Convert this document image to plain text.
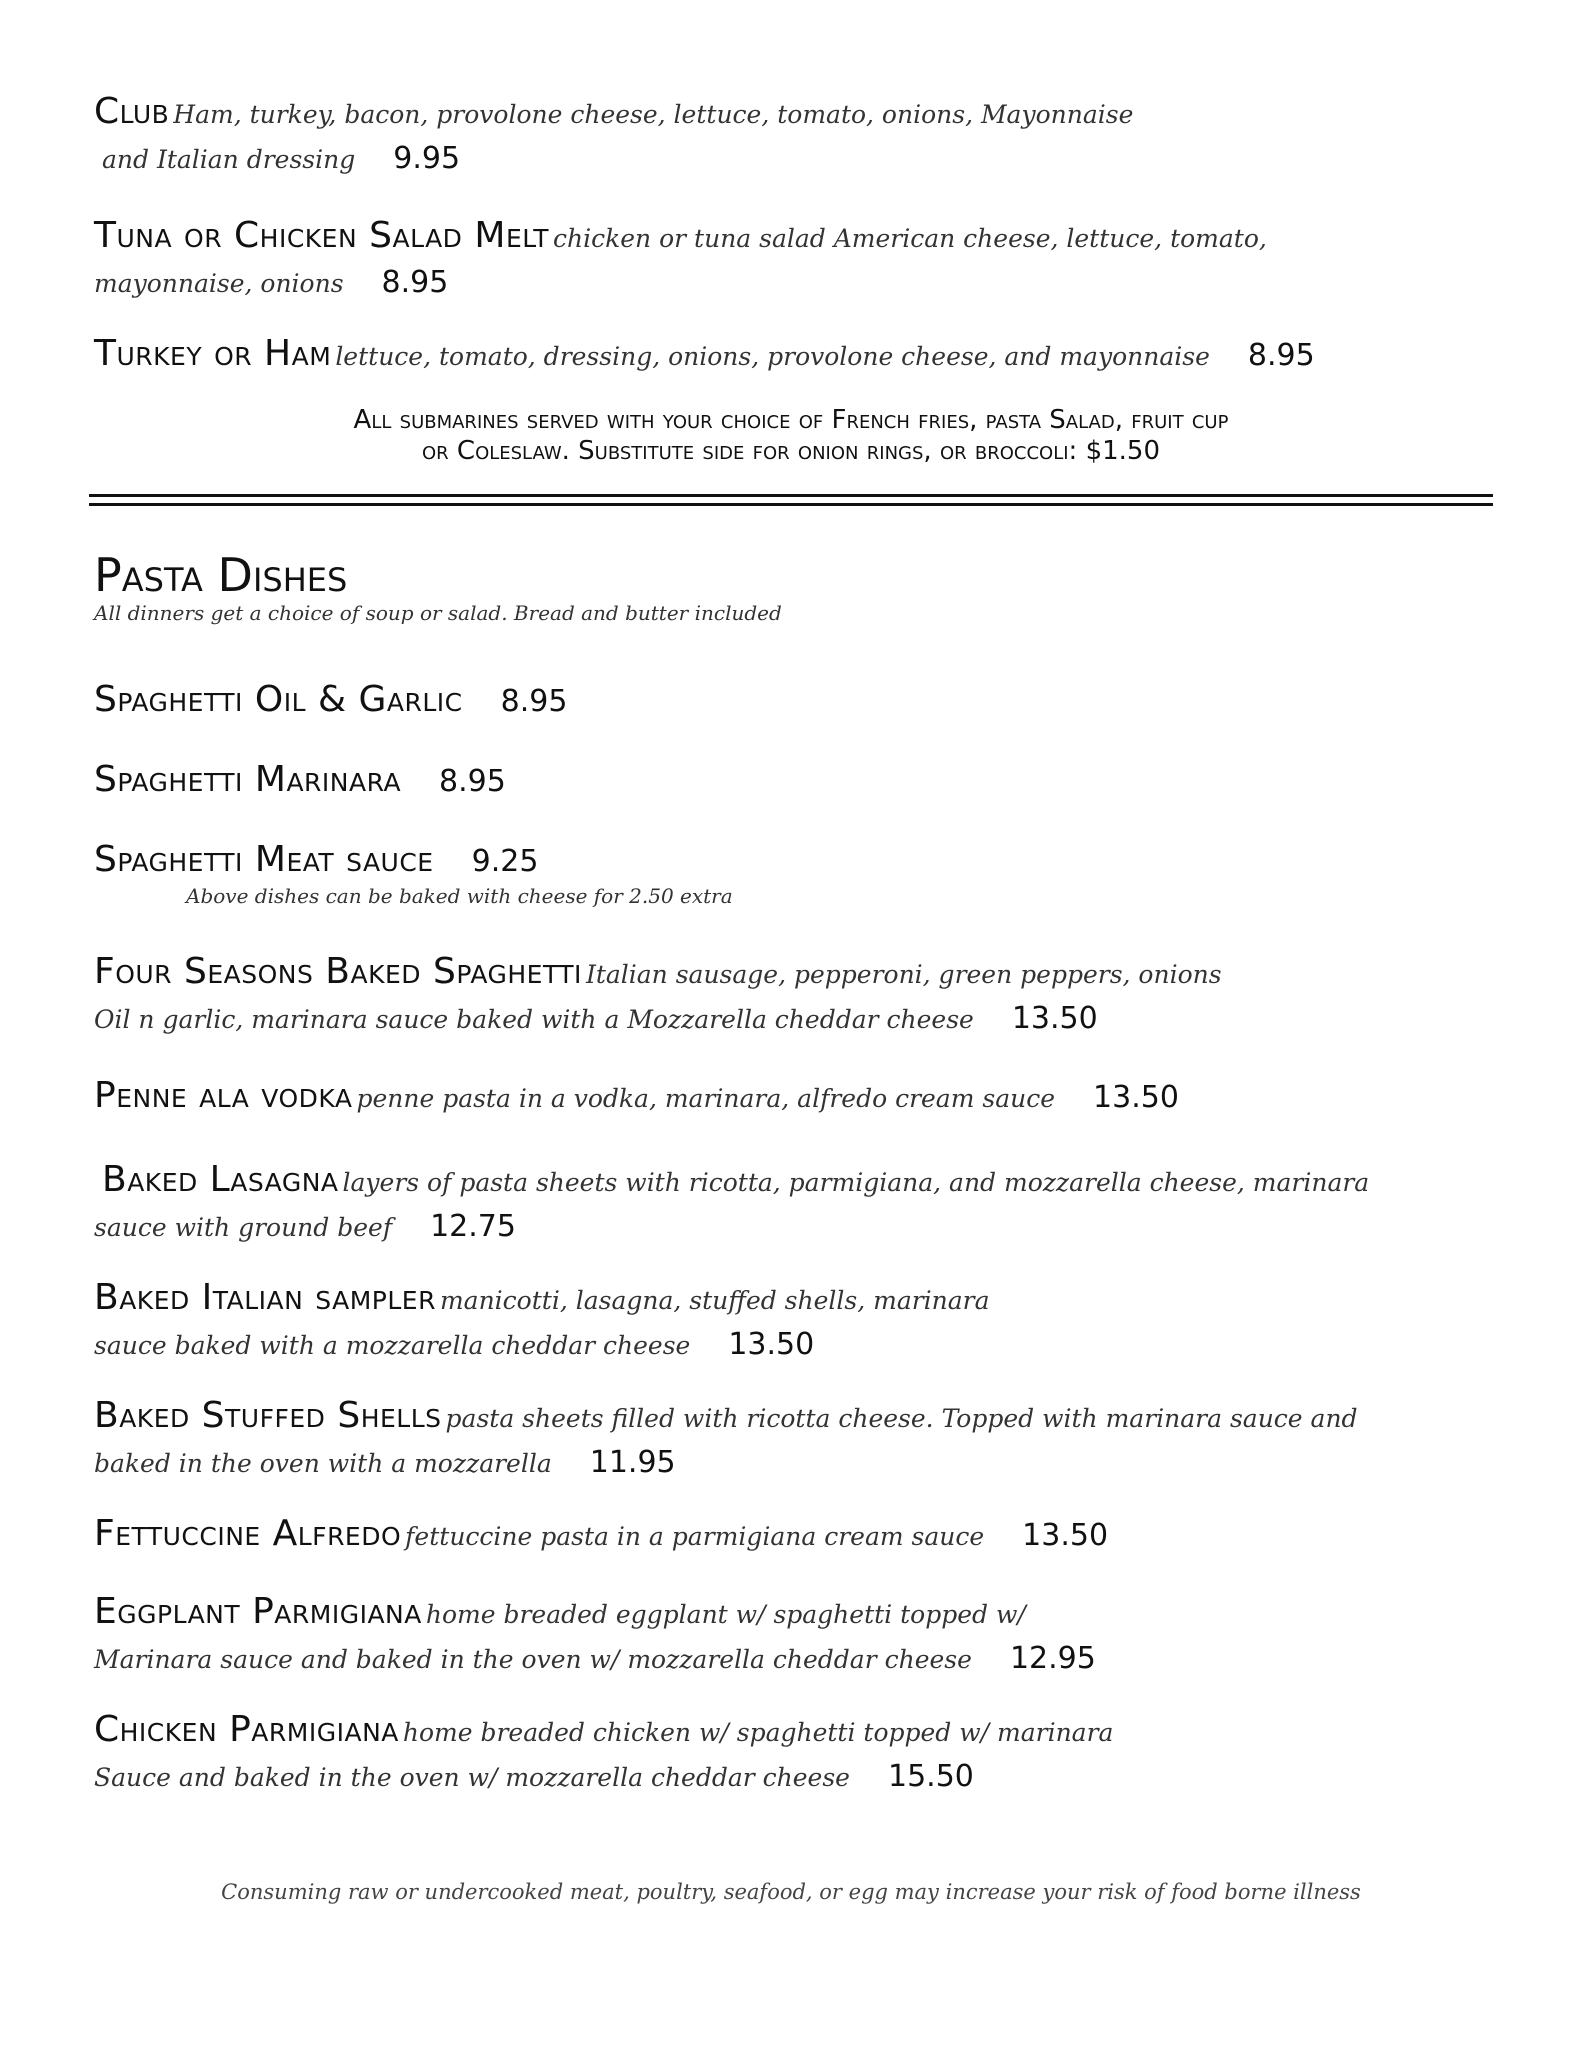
Club Ham, turkey, bacon, provolone cheese, lettuce, tomato, onions, Mayonnaise
and Italian dressing 9.95
Tuna or Chicken Salad Melt chicken or tuna salad American cheese, lettuce, tomato,
mayonnaise, onions 8.95
Turkey or Ham lettuce, tomato, dressing, onions, provolone cheese, and mayonnaise 8.95
All submarines served with your choice of French fries, pasta Salad, fruit cup
or Coleslaw. Substitute side for onion rings, or broccoli: $1.50
Pasta Dishes
All dinners get a choice of soup or salad. Bread and butter included
Spaghetti Oil & Garlic 8.95
Spaghetti Marinara 8.95
Spaghetti Meat sauce 9.25
Above dishes can be baked with cheese for 2.50 extra
Four Seasons Baked Spaghetti Italian sausage, pepperoni, green peppers, onions
Oil n garlic, marinara sauce baked with a Mozzarella cheddar cheese 13.50
Penne ala vodka penne pasta in a vodka, marinara, alfredo cream sauce 13.50
Baked Lasagna layers of pasta sheets with ricotta, parmigiana, and mozzarella cheese, marinara
sauce with ground beef 12.75
Baked Italian sampler manicotti, lasagna, stuffed shells, marinara
sauce baked with a mozzarella cheddar cheese 13.50
Baked Stuffed Shells pasta sheets filled with ricotta cheese. Topped with marinara sauce and
baked in the oven with a mozzarella 11.95
Fettuccine Alfredo fettuccine pasta in a parmigiana cream sauce 13.50
Eggplant Parmigiana home breaded eggplant w/ spaghetti topped w/
Marinara sauce and baked in the oven w/ mozzarella cheddar cheese 12.95
Chicken Parmigiana home breaded chicken w/ spaghetti topped w/ marinara
Sauce and baked in the oven w/ mozzarella cheddar cheese 15.50
Consuming raw or undercooked meat, poultry, seafood, or egg may increase your risk of food borne illness
